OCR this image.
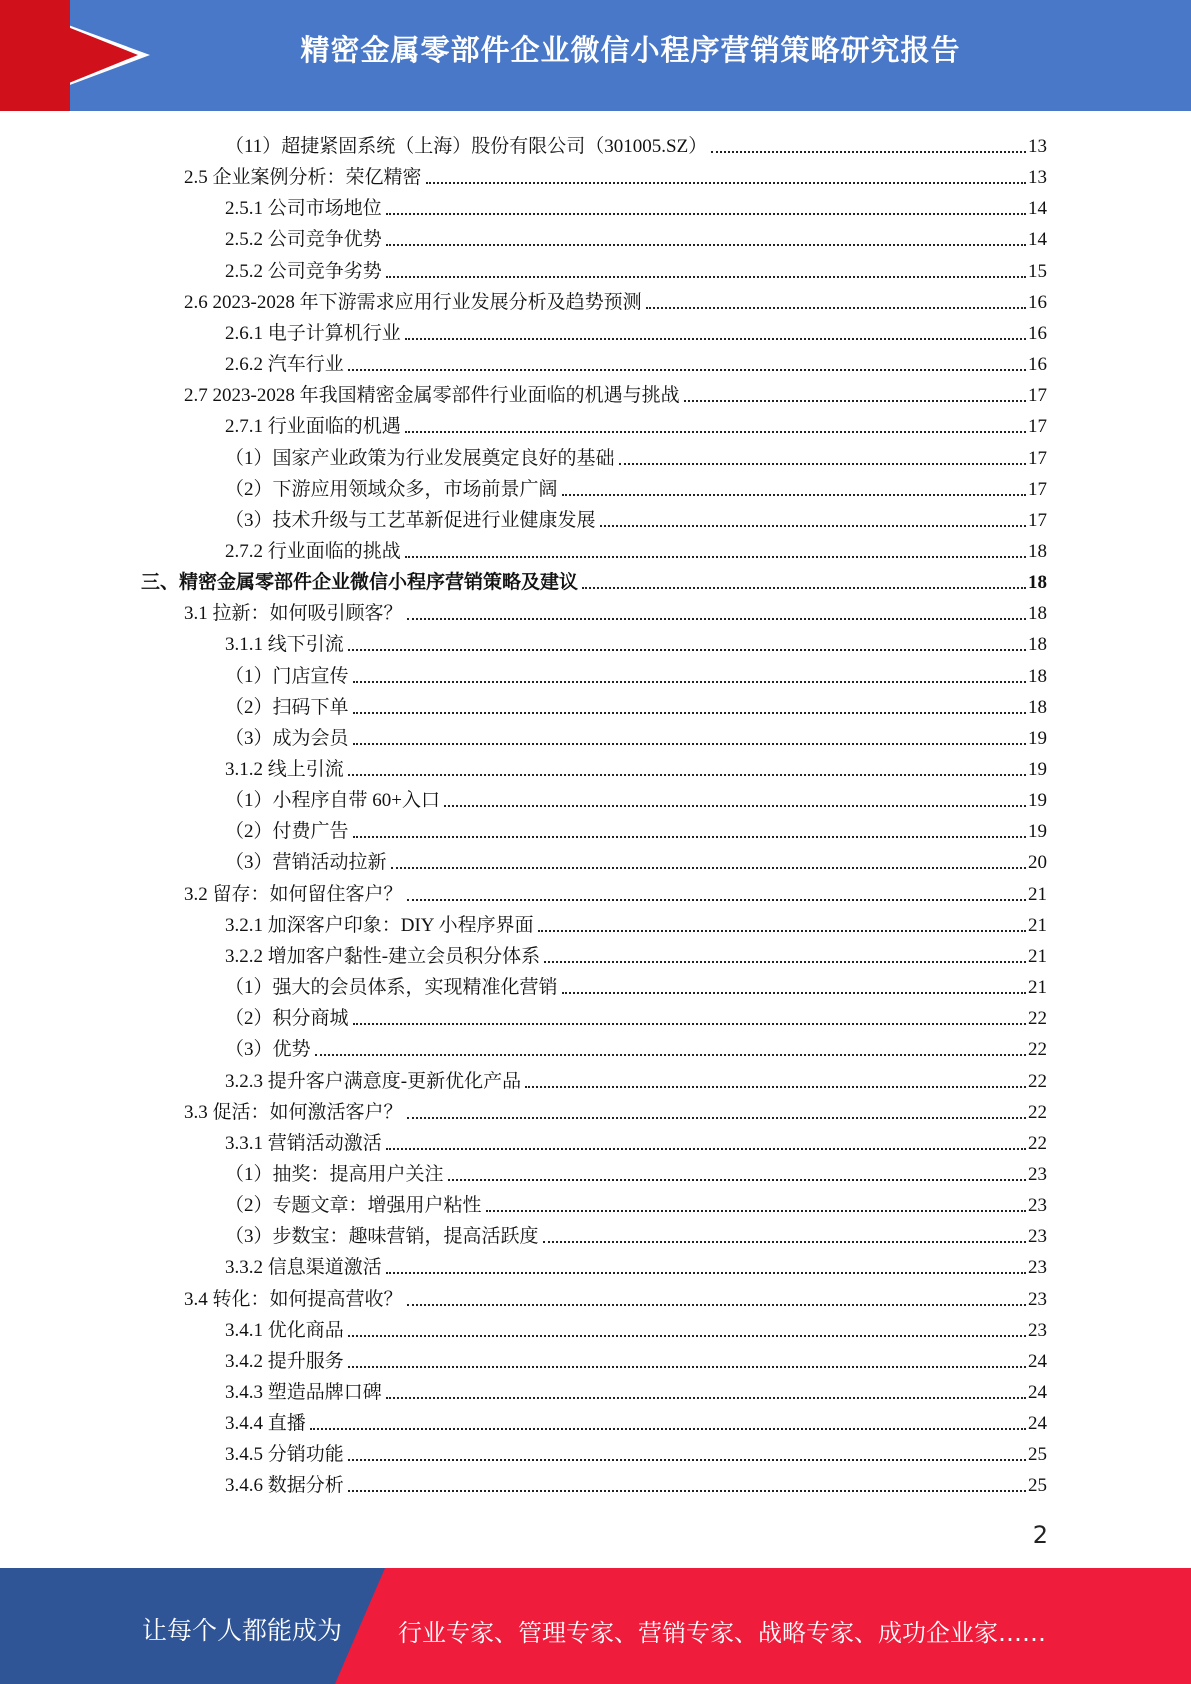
精密金属零部件企业微信小程序营销策略研究报告
（11）超捷紧固系统（上海）股份有限公司（301005.SZ）	13
2.5 企业案例分析：荣亿精密	13
2.5.1 公司市场地位	14
2.5.2 公司竞争优势	14
2.5.2 公司竞争劣势	15
2.6 2023-2028 年下游需求应用行业发展分析及趋势预测	16
2.6.1 电子计算机行业	16
2.6.2 汽车行业	16
2.7 2023-2028 年我国精密金属零部件行业面临的机遇与挑战	17
2.7.1 行业面临的机遇	17
（1）国家产业政策为行业发展奠定良好的基础	17
（2）下游应用领域众多，市场前景广阔	17
（3）技术升级与工艺革新促进行业健康发展	17
2.7.2 行业面临的挑战	18
三、精密金属零部件企业微信小程序营销策略及建议	18
3.1 拉新：如何吸引顾客？	18
3.1.1 线下引流	18
（1）门店宣传	18
（2）扫码下单	18
（3）成为会员	19
3.1.2 线上引流	19
（1）小程序自带 60+入口	19
（2）付费广告	19
（3）营销活动拉新	20
3.2 留存：如何留住客户？	21
3.2.1 加深客户印象：DIY 小程序界面	21
3.2.2 增加客户黏性-建立会员积分体系	21
（1）强大的会员体系，实现精准化营销	21
（2）积分商城	22
（3）优势	22
3.2.3 提升客户满意度-更新优化产品	22
3.3 促活：如何激活客户？	22
3.3.1 营销活动激活	22
（1）抽奖：提高用户关注	23
（2）专题文章：增强用户粘性	23
（3）步数宝：趣味营销，提高活跃度	23
3.3.2 信息渠道激活	23
3.4 转化：如何提高营收？	23
3.4.1 优化商品	23
3.4.2 提升服务	24
3.4.3 塑造品牌口碑	24
3.4.4 直播	24
3.4.5 分销功能	25
3.4.6 数据分析	25
2
让每个人都能成为 行业专家、管理专家、营销专家、战略专家、成功企业家……
